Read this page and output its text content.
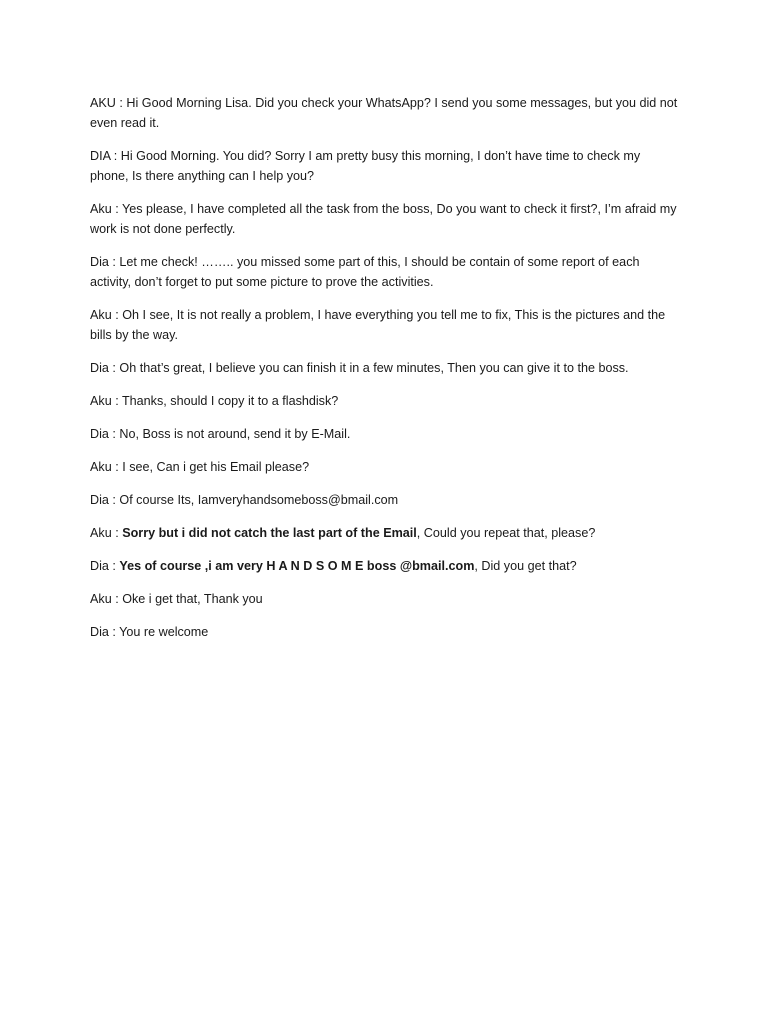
AKU : Hi Good Morning Lisa. Did you check your WhatsApp? I send you some messages, but you did not even read it.

DIA : Hi Good Morning. You did? Sorry I am pretty busy this morning, I don’t have time to check my phone, Is there anything can I help you?

Aku : Yes please, I have completed all the task from the boss, Do you want to check it first?, I’m afraid my work is not done perfectly.

Dia : Let me check! …….. you missed some part of this, I should be contain of some report of each activity, don’t forget to put some picture to prove the activities.

Aku : Oh I see, It is not really a problem, I have everything you tell me to fix, This is the pictures and the bills by the way.

Dia : Oh that’s great, I believe you can finish it in a few minutes, Then you can give it to the boss.

Aku : Thanks, should I copy it to a flashdisk?

Dia : No, Boss is not around, send it by E-Mail.

Aku : I see, Can i get his Email please?

Dia : Of course Its, Iamveryhandsomeboss@bmail.com

Aku : Sorry but i did not catch the last part of the Email, Could you repeat that, please?

Dia : Yes of course ,i am very H A N D S O M E boss @bmail.com, Did you get that?

Aku : Oke i get that, Thank you

Dia : You re welcome
